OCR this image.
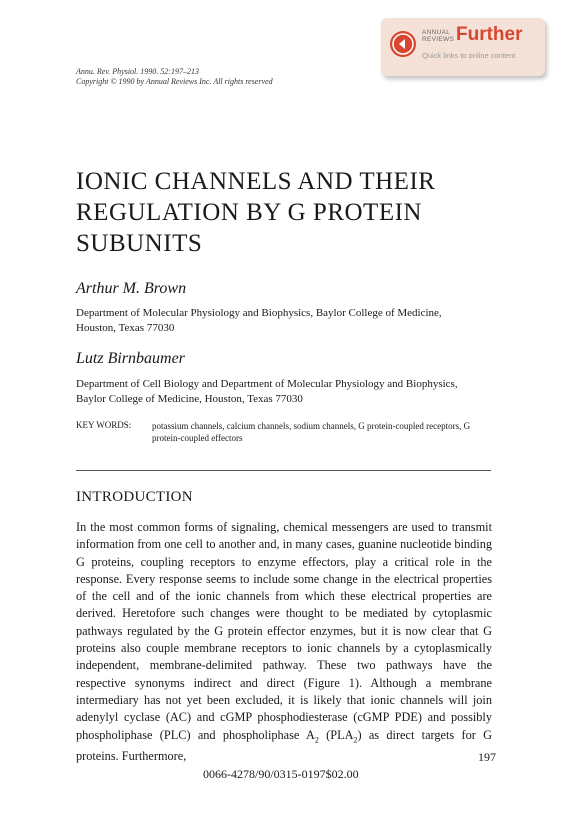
ANNUAL
REVIEWS Further
Quick links to online content
Annu. Rev. Physiol. 1990. 52:197–213
Copyright © 1990 by Annual Reviews Inc. All rights reserved
IONIC CHANNELS AND THEIR
REGULATION BY G PROTEIN
SUBUNITS
Arthur M. Brown
Department of Molecular Physiology and Biophysics, Baylor College of Medicine,
Houston, Texas 77030
Lutz Birnbaumer
Department of Cell Biology and Department of Molecular Physiology and Biophysics,
Baylor College of Medicine, Houston, Texas 77030
KEY WORDS: potassium channels, calcium channels, sodium channels, G protein-coupled receptors, G protein-coupled effectors
INTRODUCTION

In the most common forms of signaling, chemical messengers are used to transmit information from one cell to another and, in many cases, guanine nucleotide binding G proteins, coupling receptors to enzyme effectors, play a critical role in the response. Every response seems to include some change in the electrical properties of the cell and of the ionic channels from which these electrical properties are derived. Heretofore such changes were thought to be mediated by cytoplasmic pathways regulated by the G protein effector enzymes, but it is now clear that G proteins also couple membrane receptors to ionic channels by a cytoplasmically independent, membrane-delimited pathway. These two pathways have the respective synonyms indirect and direct (Figure 1). Although a membrane intermediary has not yet been excluded, it is likely that ionic channels will join adenylyl cyclase (AC) and cGMP phosphodiesterase (cGMP PDE) and possibly phospholiphase (PLC) and phospholiphase $A_2$ $(PLA_2)$ as direct targets for G proteins. Furthermore,	197
0066-4278/90/0315-0197$02.00
